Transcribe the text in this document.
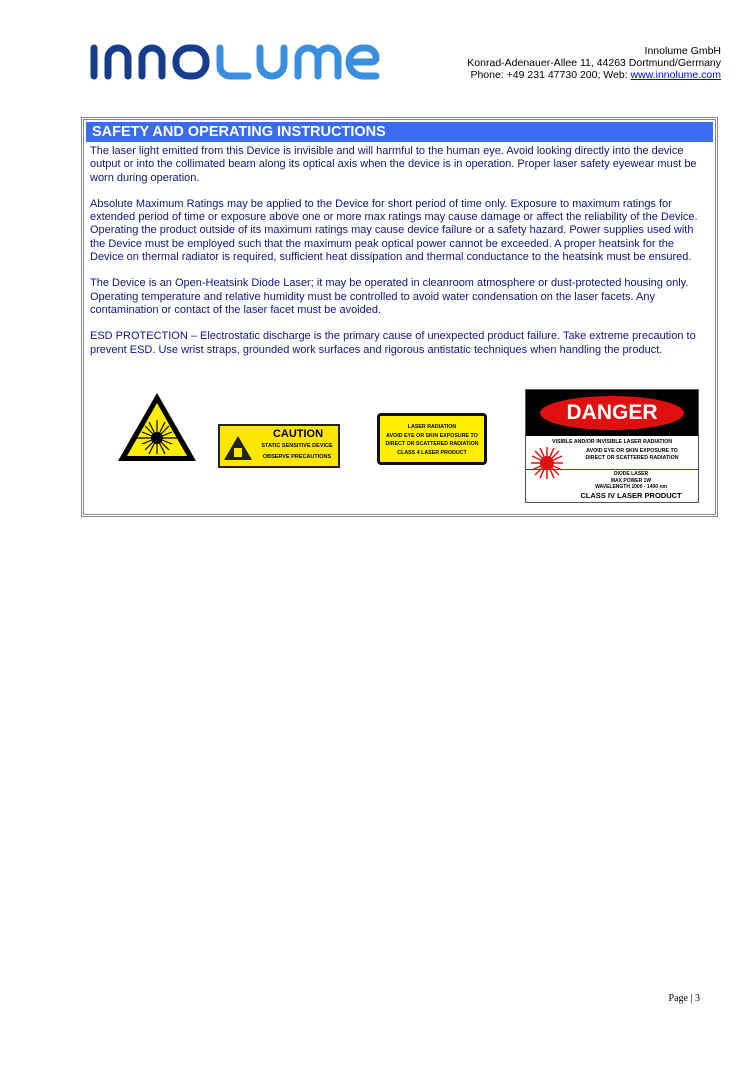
Innolume GmbH
Konrad-Adenauer-Allee 11, 44263 Dortmund/Germany
Phone: +49 231 47730 200; Web: www.innolume.com
SAFETY AND OPERATING INSTRUCTIONS

The laser light emitted from this Device is invisible and will harmful to the human eye. Avoid looking directly into the device output or into the collimated beam along its optical axis when the device is in operation. Proper laser safety eyewear must be worn during operation.

Absolute Maximum Ratings may be applied to the Device for short period of time only. Exposure to maximum ratings for extended period of time or exposure above one or more max ratings may cause damage or affect the reliability of the Device.

Operating the product outside of its maximum ratings may cause device failure or a safety hazard. Power supplies used with the Device must be employed such that the maximum peak optical power cannot be exceeded. A proper heatsink for the Device on thermal radiator is required, sufficient heat dissipation and thermal conductance to the heatsink must be ensured.

The Device is an Open-Heatsink Diode Laser; it may be operated in cleanroom atmosphere or dust-protected housing only. Operating temperature and relative humidity must be controlled to avoid water condensation on the laser facets. Any contamination or contact of the laser facet must be avoided.

ESD PROTECTION – Electrostatic discharge is the primary cause of unexpected product failure. Take extreme precaution to prevent ESD. Use wrist straps, grounded work surfaces and rigorous antistatic techniques when handling the product.

CAUTION
STATIC SENSITIVE DEVICE
OBSERVE PRECAUTIONS
LASER RADIATION
AVOID EYE OR SKIN EXPOSURE TO
DIRECT OR SCATTERED RADIATION
CLASS 4 LASER PRODUCT
DANGER
VISIBLE AND/OR INVISIBLE LASER RADIATION
AVOID EYE OR SKIN EXPOSURE TO
DIRECT OR SCATTERED RADIATION
DIODE LASER
MAX POWER 1W
WAVELENGTH 1000 - 1400 nm
CLASS IV LASER PRODUCT
Page | 3
